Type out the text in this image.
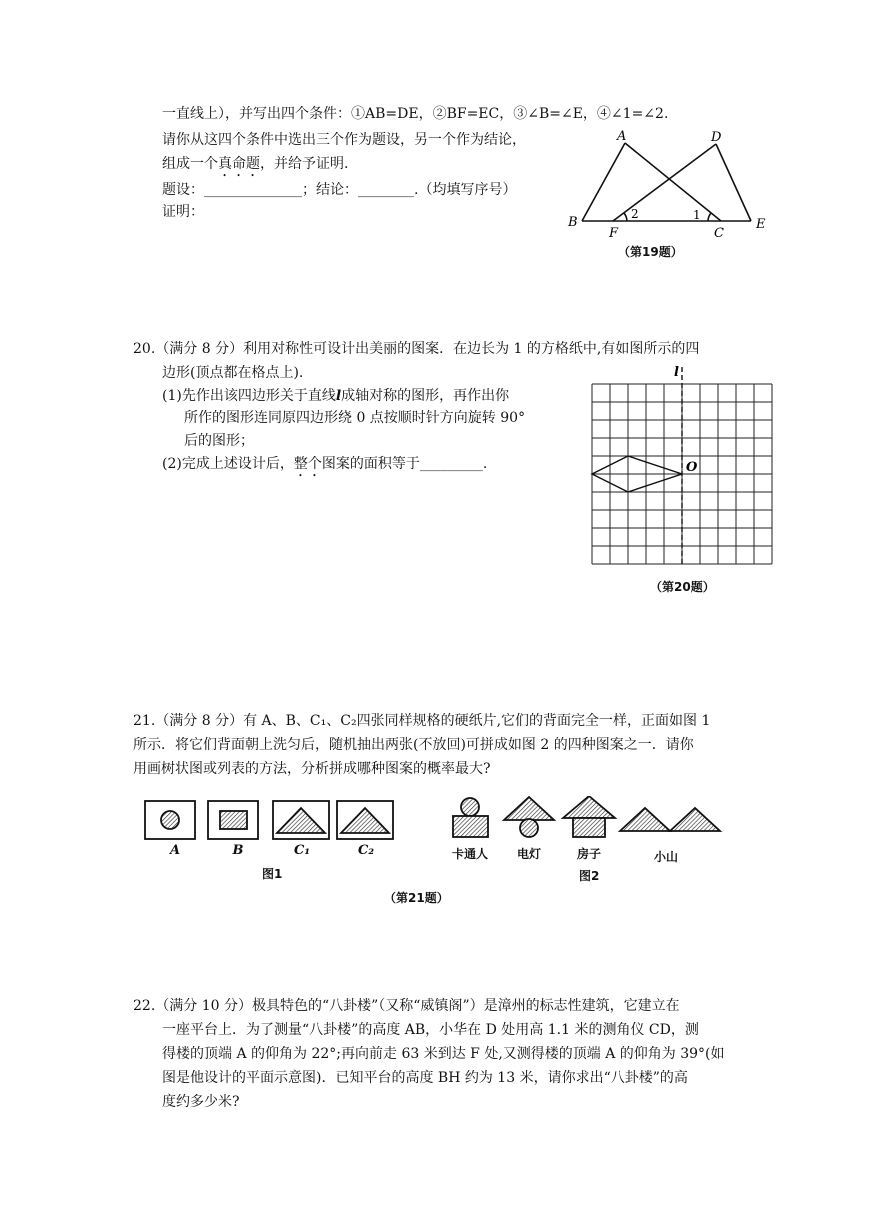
一直线上），并写出四个条件：①AB=DE，②BF=EC，③∠B=∠E，④∠1=∠2.
请你从这四个条件中选出三个作为题设，另一个作为结论，
组成一个真命题，并给予证明.
题设：______________；结论：________.（均填写序号）
证明：
A	D
B
F
2	1
C
E
（第19题）
20.（满分 8 分）利用对称性可设计出美丽的图案．在边长为 1 的方格纸中,有如图所示的四
边形(顶点都在格点上).
(1)先作出该四边形关于直线l成轴对称的图形，再作出你
所作的图形连同原四边形绕 0 点按顺时针方向旋转 90°
后的图形；
(2)完成上述设计后，整个图案的面积等于_________.
l
O
（第20题）
21.（满分 8 分）有 A、B、C₁、C₂四张同样规格的硬纸片,它们的背面完全一样，正面如图 1
所示．将它们背面朝上洗匀后，随机抽出两张(不放回)可拼成如图 2 的四种图案之一．请你
用画树状图或列表的方法，分析拼成哪种图案的概率最大?
A	B	C₁	C₂
图1
卡通人	电灯	房子	小山
图2
（第21题）
22.（满分 10 分）极具特色的“八卦楼”（又称“威镇阁”）是漳州的标志性建筑，它建立在
一座平台上．为了测量“八卦楼”的高度 AB，小华在 D 处用高 1.1 米的测角仪 CD，测
得楼的顶端 A 的仰角为 22°;再向前走 63 米到达 F 处,又测得楼的顶端 A 的仰角为 39°(如
图是他设计的平面示意图)．已知平台的高度 BH 约为 13 米，请你求出“八卦楼”的高
度约多少米?
